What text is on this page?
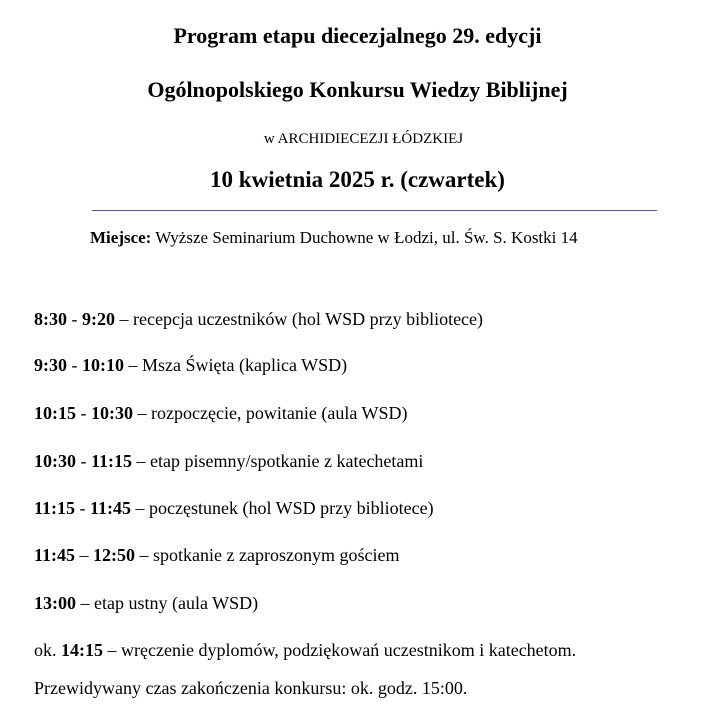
Program etapu diecezjalnego 29. edycji
Ogólnopolskiego Konkursu Wiedzy Biblijnej
w ARCHIDIECEZJI ŁÓDZKIEJ
10 kwietnia 2025 r. (czwartek)
Miejsce: Wyższe Seminarium Duchowne w Łodzi, ul. Św. S. Kostki 14
8:30 - 9:20 – recepcja uczestników (hol WSD przy bibliotece)
9:30 - 10:10 – Msza Święta (kaplica WSD)
10:15 - 10:30 – rozpoczęcie, powitanie (aula WSD)
10:30 - 11:15 – etap pisemny/spotkanie z katechetami
11:15 - 11:45 – poczęstunek (hol WSD przy bibliotece)
11:45 – 12:50 – spotkanie z zaproszonym gościem
13:00 – etap ustny (aula WSD)
ok. 14:15 – wręczenie dyplomów, podziękowań uczestnikom i katechetom.
Przewidywany czas zakończenia konkursu: ok. godz. 15:00.
